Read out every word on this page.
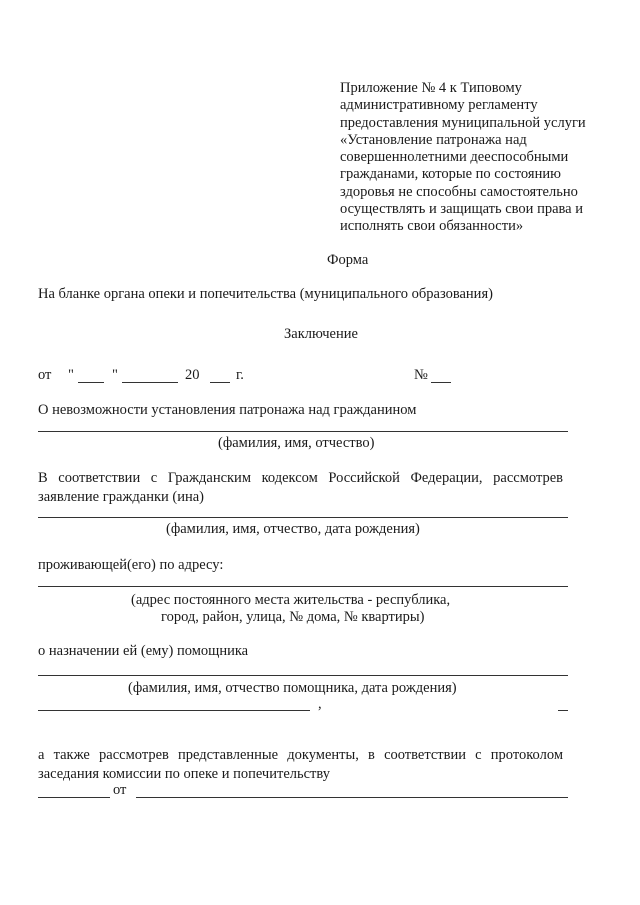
Приложение № 4 к Типовому
административному регламенту
предоставления муниципальной услуги
«Установление патронажа над
совершеннолетними дееспособными
гражданами, которые по состоянию
здоровья не способны самостоятельно
осуществлять и защищать свои права и
исполнять свои обязанности»
Форма
На бланке органа опеки и попечительства (муниципального образования)
Заключение
от "	"	20	г.	№
О невозможности установления патронажа над гражданином
(фамилия, имя, отчество)
В соответствии с Гражданским кодексом Российской Федерации, рассмотрев заявление гражданки (ина)
(фамилия, имя, отчество, дата рождения)
проживающей(его) по адресу:
(адрес постоянного места жительства - республика,
город, район, улица, № дома, № квартиры)
о назначении ей (ему) помощника
(фамилия, имя, отчество помощника, дата рождения)
,
а также рассмотрев представленные документы, в соответствии с протоколом заседания комиссии по опеке и попечительству
от
